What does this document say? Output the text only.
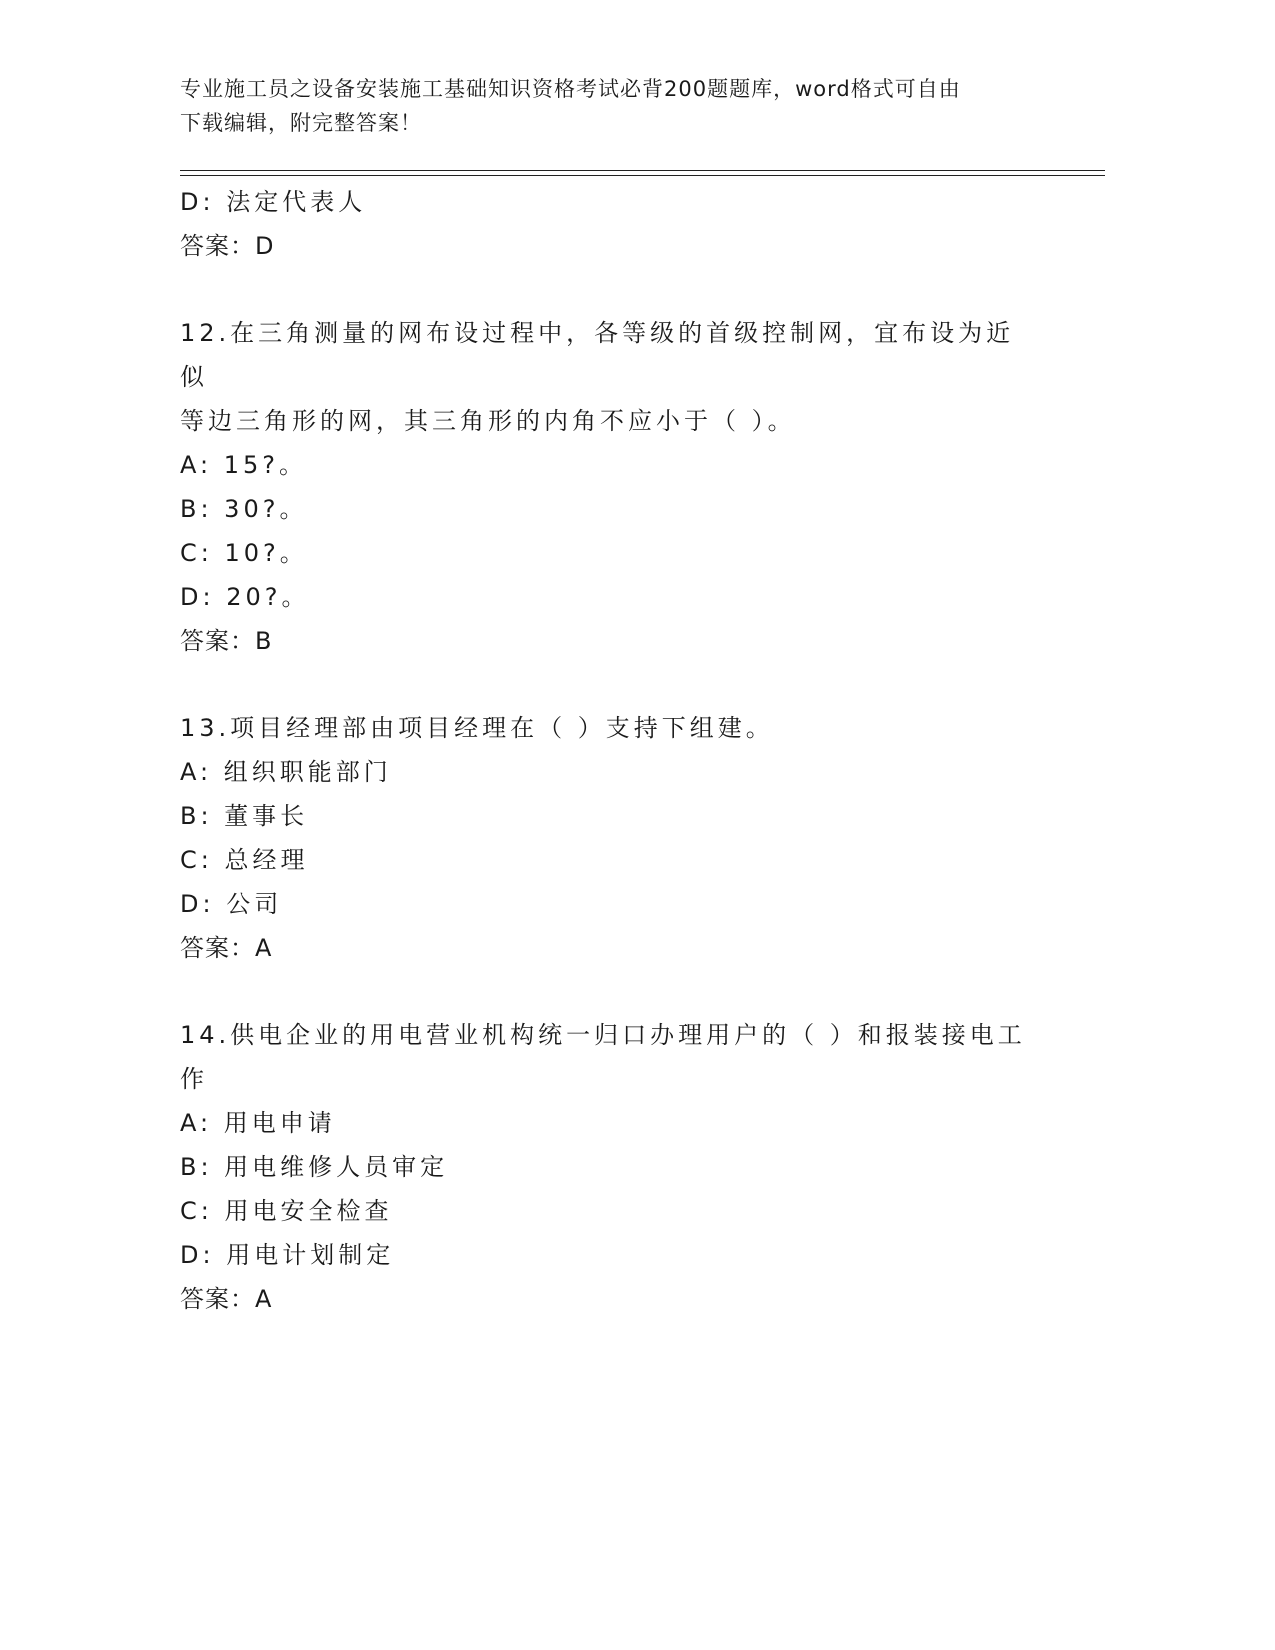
专业施工员之设备安装施工基础知识资格考试必背200题题库，word格式可自由
下载编辑，附完整答案！
D: 法定代表人
答案：D
12.在三角测量的网布设过程中，各等级的首级控制网，宜布设为近似
等边三角形的网，其三角形的内角不应小于（ ）。
A: 15?。
B: 30?。
C: 10?。
D: 20?。
答案：B
13.项目经理部由项目经理在（ ）支持下组建。
A: 组织职能部门
B: 董事长
C: 总经理
D: 公司
答案：A
14.供电企业的用电营业机构统一归口办理用户的（ ）和报装接电工
作
A: 用电申请
B: 用电维修人员审定
C: 用电安全检查
D: 用电计划制定
答案：A
